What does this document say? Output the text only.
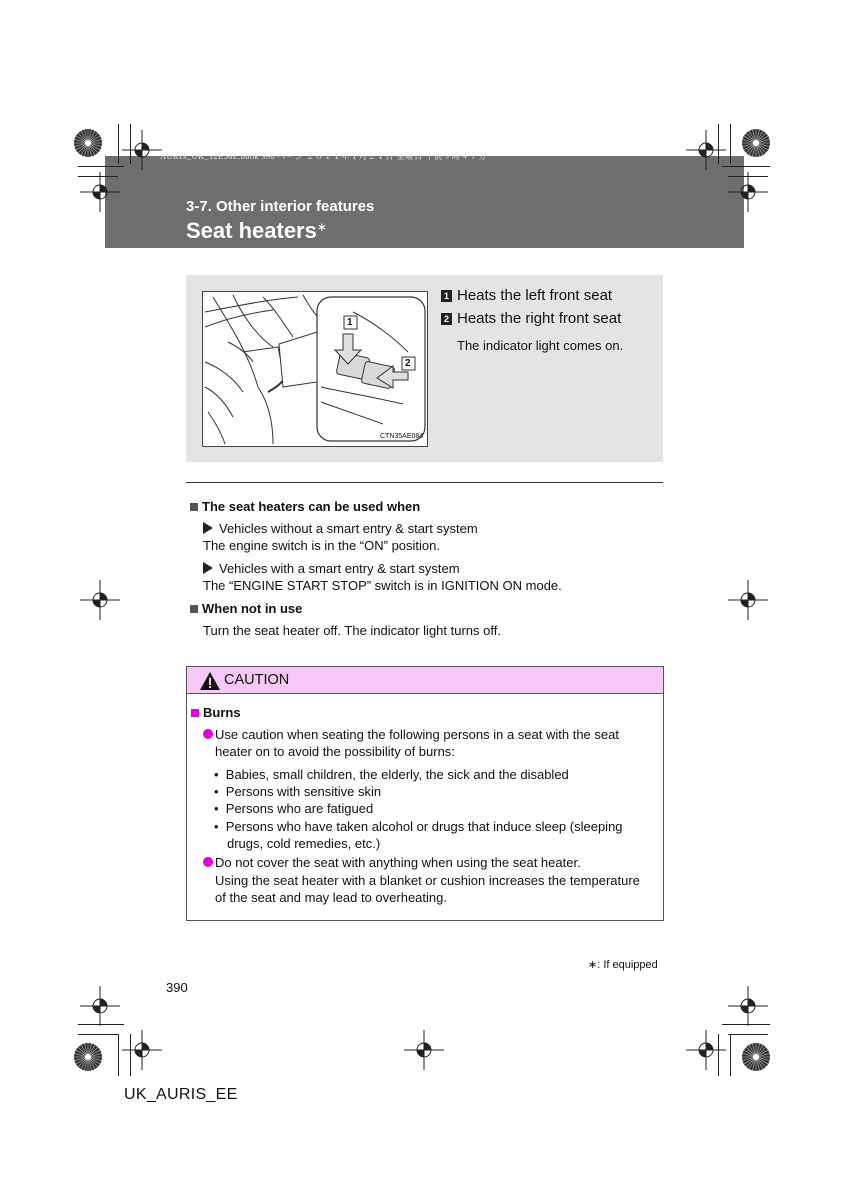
AURIS_UK_12E58E.book 390 ページ ２０１１年１月２１日 金曜日 午前９時４７分
3-7. Other interior features
Seat heaters∗
1
2
CTN35AE084
1 Heats the left front seat
2 Heats the right front seat
The indicator light comes on.
The seat heaters can be used when
Vehicles without a smart entry & start system
The engine switch is in the “ON” position.
Vehicles with a smart entry & start system
The “ENGINE START STOP” switch is in IGNITION ON mode.
When not in use
Turn the seat heater off. The indicator light turns off.
CAUTION
Burns
Use caution when seating the following persons in a seat with the seat
heater on to avoid the possibility of burns:
•  Babies, small children, the elderly, the sick and the disabled
•  Persons with sensitive skin
•  Persons who are fatigued
•  Persons who have taken alcohol or drugs that induce sleep (sleeping
drugs, cold remedies, etc.)
Do not cover the seat with anything when using the seat heater.
Using the seat heater with a blanket or cushion increases the temperature
of the seat and may lead to overheating.
∗: If equipped
390
UK_AURIS_EE
